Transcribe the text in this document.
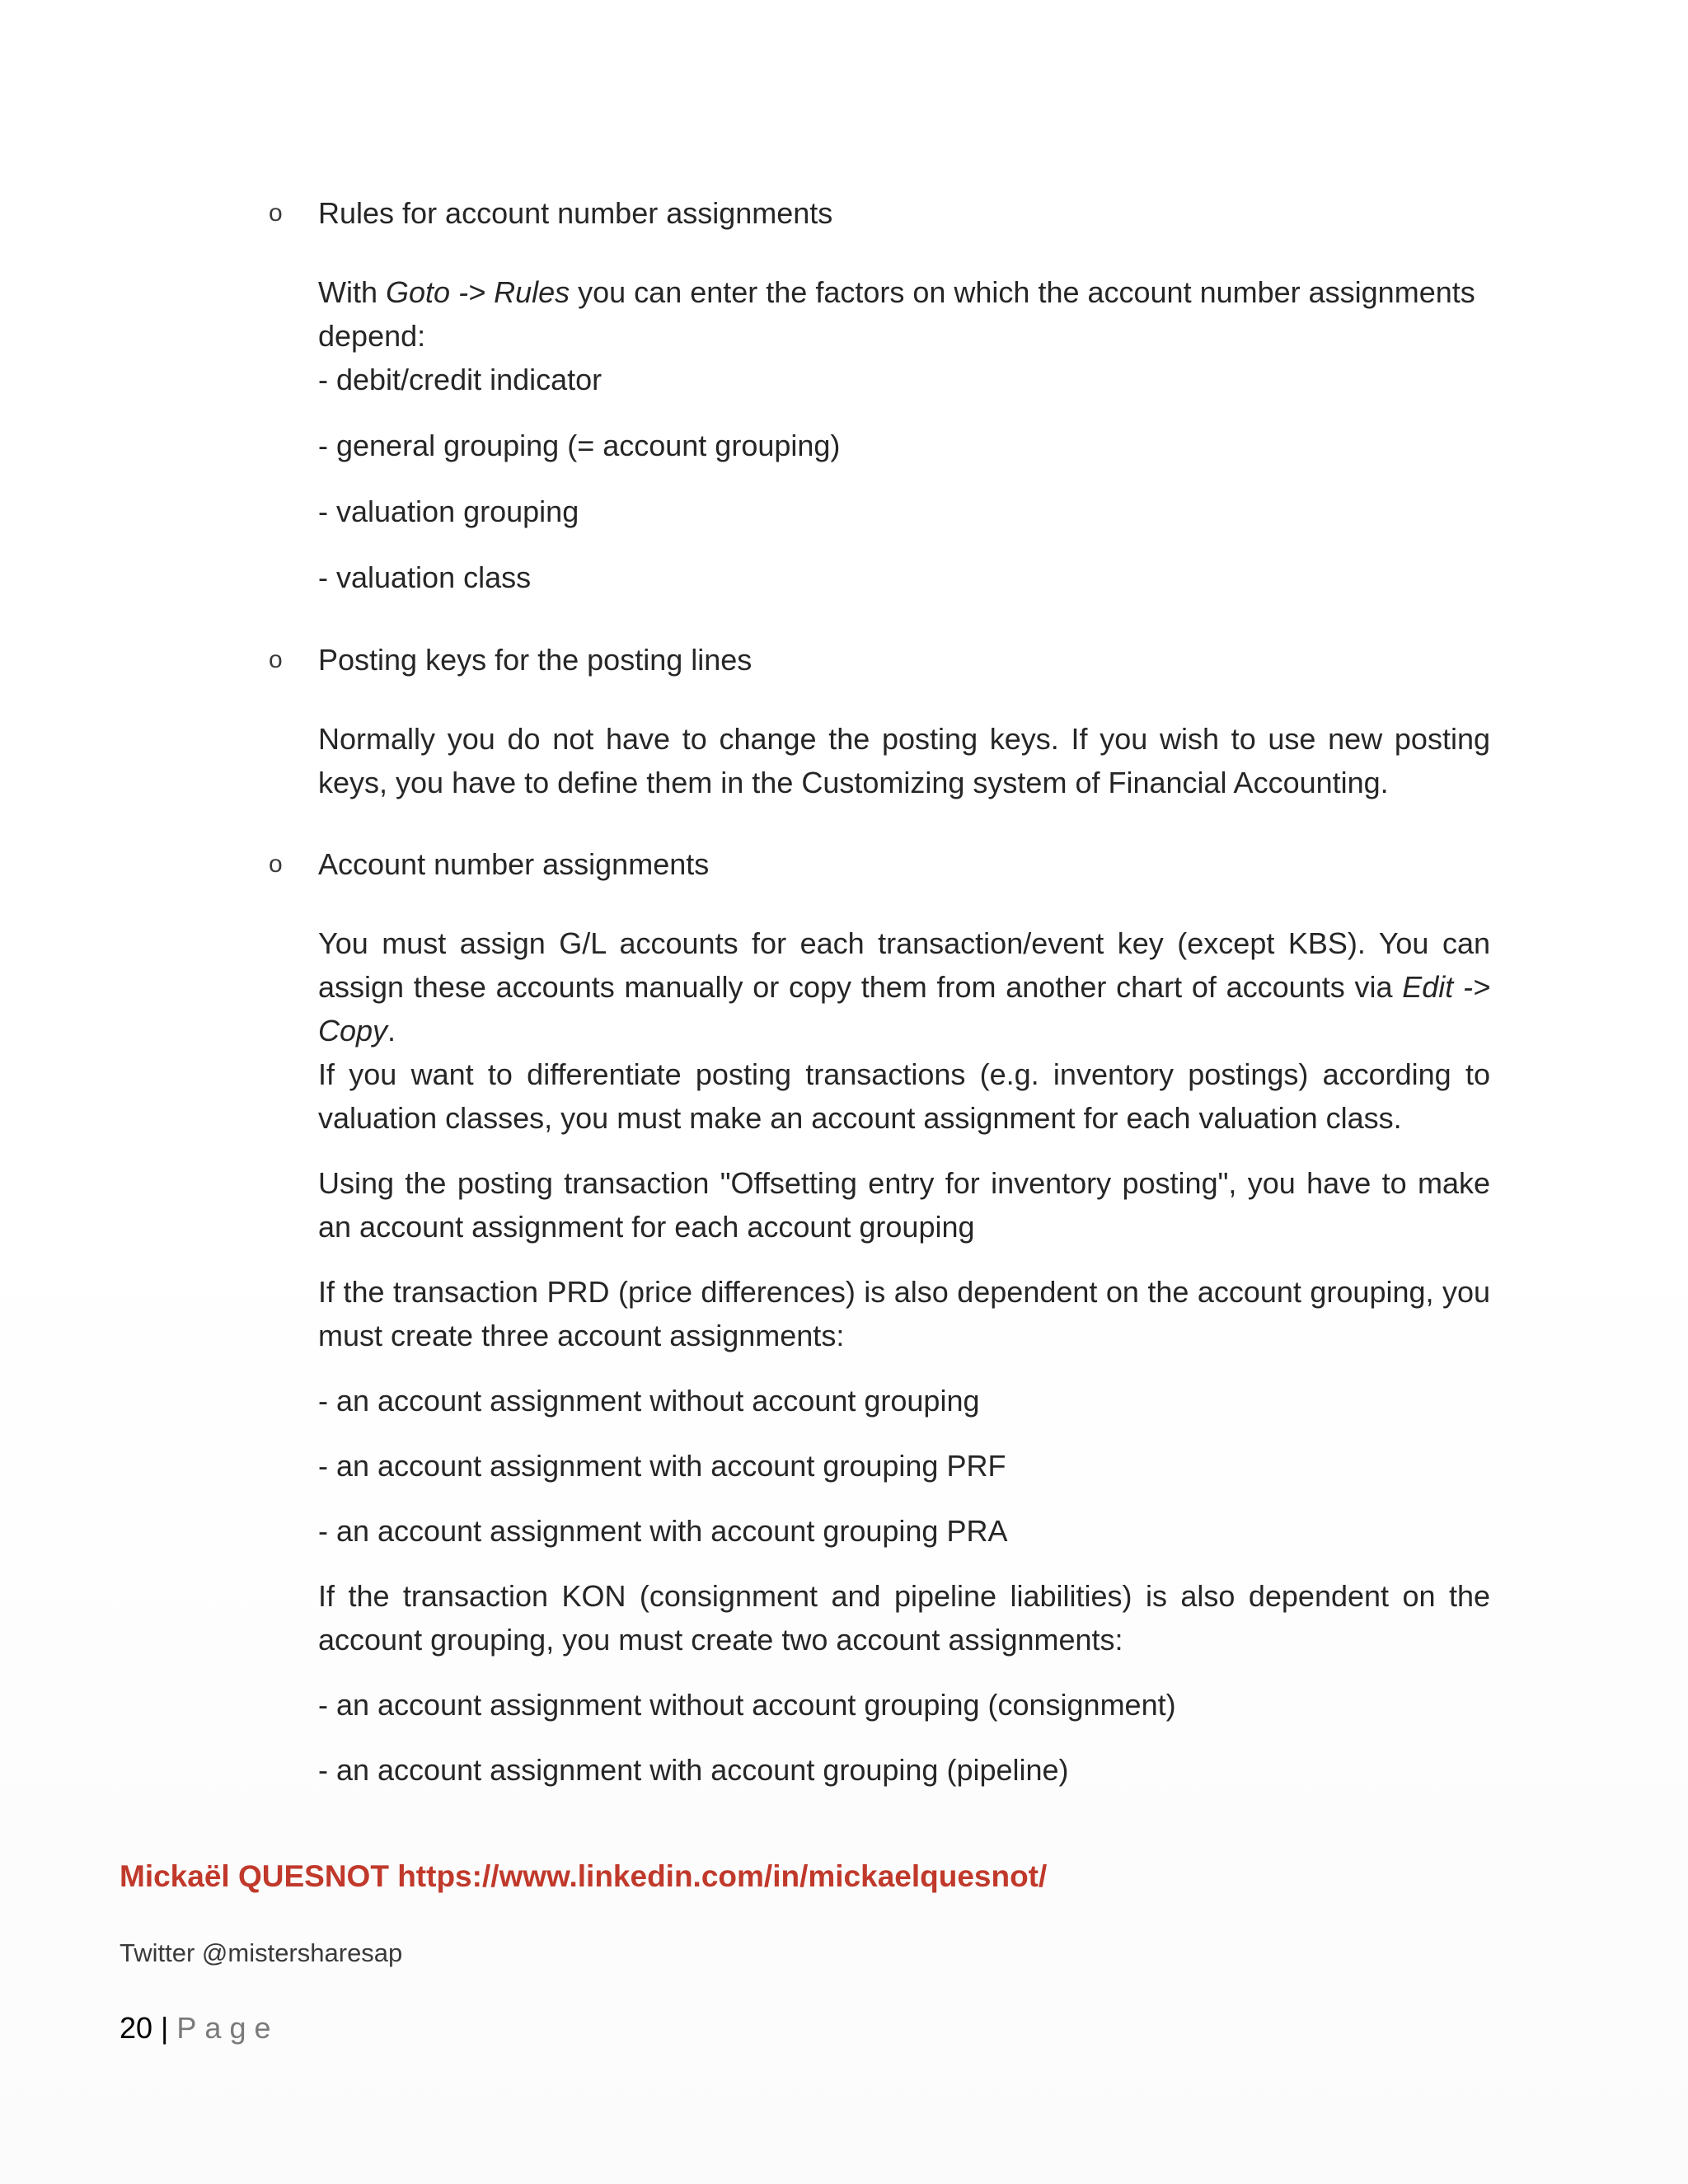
o Rules for account number assignments

With Goto -> Rules you can enter the factors on which the account number assignments depend:

- debit/credit indicator

- general grouping (= account grouping)

- valuation grouping

- valuation class

o Posting keys for the posting lines

Normally you do not have to change the posting keys. If you wish to use new posting keys, you have to define them in the Customizing system of Financial Accounting.

o Account number assignments

You must assign G/L accounts for each transaction/event key (except KBS). You can assign these accounts manually or copy them from another chart of accounts via Edit -> Copy.

If you want to differentiate posting transactions (e.g. inventory postings) according to valuation classes, you must make an account assignment for each valuation class.

Using the posting transaction "Offsetting entry for inventory posting", you have to make an account assignment for each account grouping

If the transaction PRD (price differences) is also dependent on the account grouping, you must create three account assignments:

- an account assignment without account grouping

- an account assignment with account grouping PRF

- an account assignment with account grouping PRA

If the transaction KON (consignment and pipeline liabilities) is also dependent on the account grouping, you must create two account assignments:

- an account assignment without account grouping (consignment)

- an account assignment with account grouping (pipeline)

Mickaël QUESNOT https://www.linkedin.com/in/mickaelquesnot/
Twitter @mistersharesap
20 | Page
